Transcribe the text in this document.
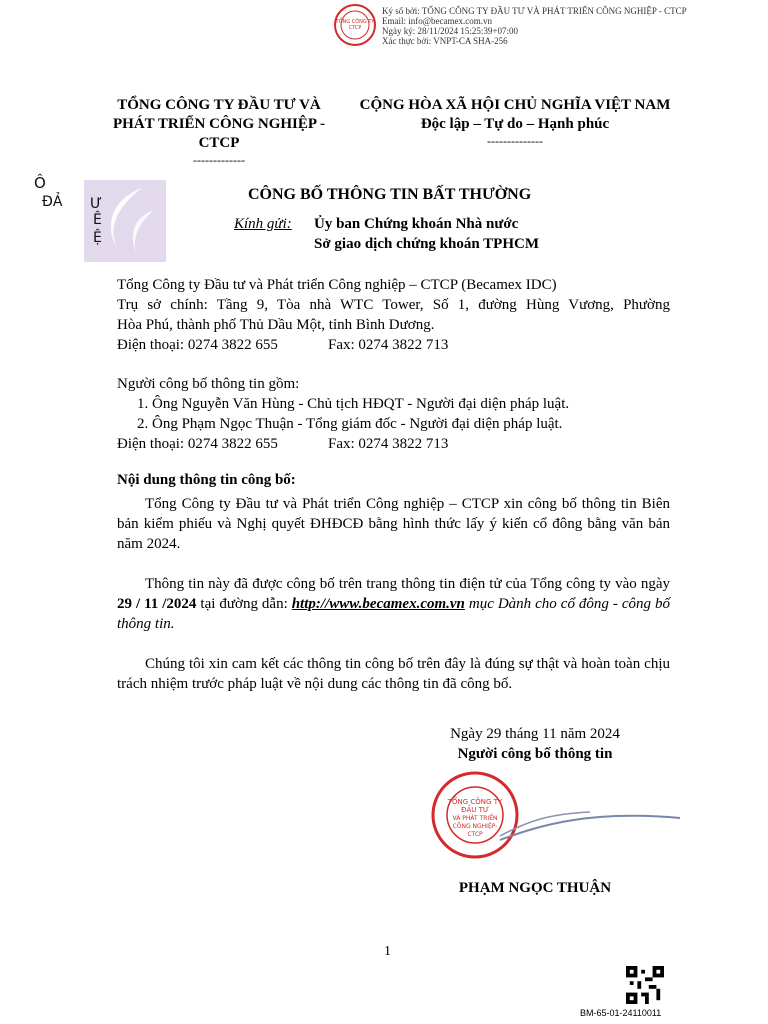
TỔNG CÔNG TY
CTCP
Ký số bởi: TỔNG CÔNG TY ĐẦU TƯ VÀ PHÁT TRIỂN CÔNG NGHIỆP - CTCP
Email: info@becamex.com.vn
Ngày ký: 28/11/2024 15:25:39+07:00
Xác thực bởi: VNPT-CA SHA-256
TỔNG CÔNG TY ĐẦU TƯ VÀ
PHÁT TRIỂN CÔNG NGHIỆP -
CTCP
-------------
CỘNG HÒA XÃ HỘI CHỦ NGHĨA VIỆT NAM
Độc lập – Tự do – Hạnh phúc
--------------
Ô
ĐẢ Ư
Ê
Ệ
CÔNG BỐ THÔNG TIN BẤT THƯỜNG
Kính gửi: Ủy ban Chứng khoán Nhà nước
Sở giao dịch chứng khoán TPHCM
Tổng Công ty Đầu tư và Phát triển Công nghiệp – CTCP (Becamex IDC)
Trụ sở chính: Tầng 9, Tòa nhà WTC Tower, Số 1, đường Hùng Vương, Phường
Hòa Phú, thành phố Thủ Dầu Một, tỉnh Bình Dương.
Điện thoại: 0274 3822 655	Fax: 0274 3822 713
Người công bố thông tin gồm:
1. Ông Nguyễn Văn Hùng - Chủ tịch HĐQT - Người đại diện pháp luật.
2. Ông Phạm Ngọc Thuận - Tổng giám đốc - Người đại diện pháp luật.
Điện thoại: 0274 3822 655	Fax: 0274 3822 713
Nội dung thông tin công bố:
Tổng Công ty Đầu tư và Phát triển Công nghiệp – CTCP xin công bố thông tin Biên bản kiểm phiếu và Nghị quyết ĐHĐCĐ bằng hình thức lấy ý kiến cổ đông bằng văn bản năm 2024.
Thông tin này đã được công bố trên trang thông tin điện tử của Tổng công ty vào ngày 29 / 11 /2024 tại đường dẫn: http://www.becamex.com.vn mục Dành cho cổ đông - công bố thông tin.
Chúng tôi xin cam kết các thông tin công bố trên đây là đúng sự thật và hoàn toàn chịu trách nhiệm trước pháp luật về nội dung các thông tin đã công bố.
Ngày 29 tháng 11 năm 2024
Người công bố thông tin
TỔNG CÔNG TY
ĐẦU TƯ
VÀ PHÁT TRIỂN
CÔNG NGHIỆP-
CTCP
PHẠM NGỌC THUẬN
1
BM-65-01-24110011
